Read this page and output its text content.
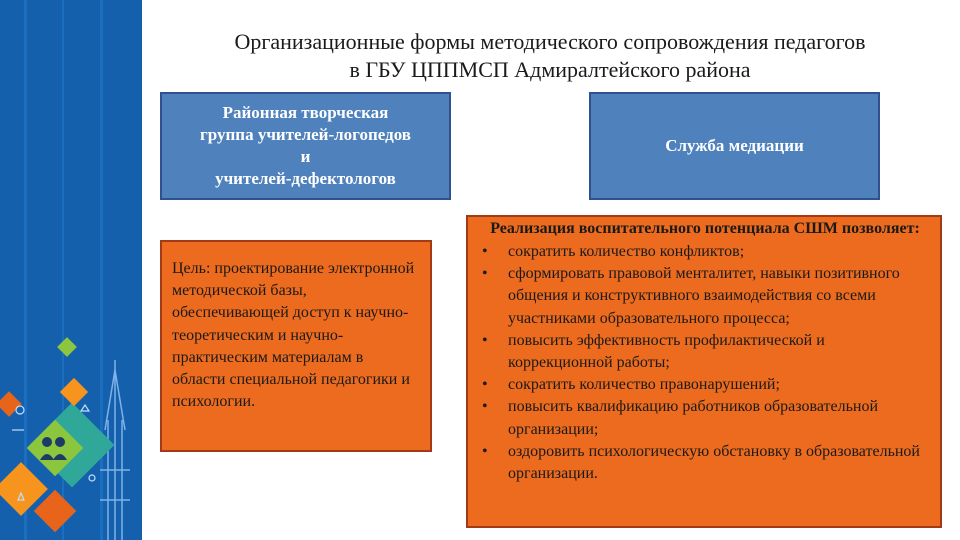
Организационные формы методического сопровождения педагогов
в ГБУ ЦППМСП Адмиралтейского района
Районная творческая
группа учителей-логопедов
и
учителей-дефектологов
Служба медиации
Цель: проектирование электронной методической базы, обеспечивающей доступ к научно-теоретическим и научно-практическим материалам в области специальной педагогики и психологии.
Реализация воспитательного потенциала СШМ позволяет:
• сократить количество конфликтов;
• сформировать правовой менталитет, навыки позитивного общения и конструктивного взаимодействия со всеми участниками образовательного процесса;
• повысить эффективность профилактической и коррекционной работы;
• сократить количество правонарушений;
• повысить квалификацию работников образовательной организации;
• оздоровить психологическую обстановку в образовательной организации.
